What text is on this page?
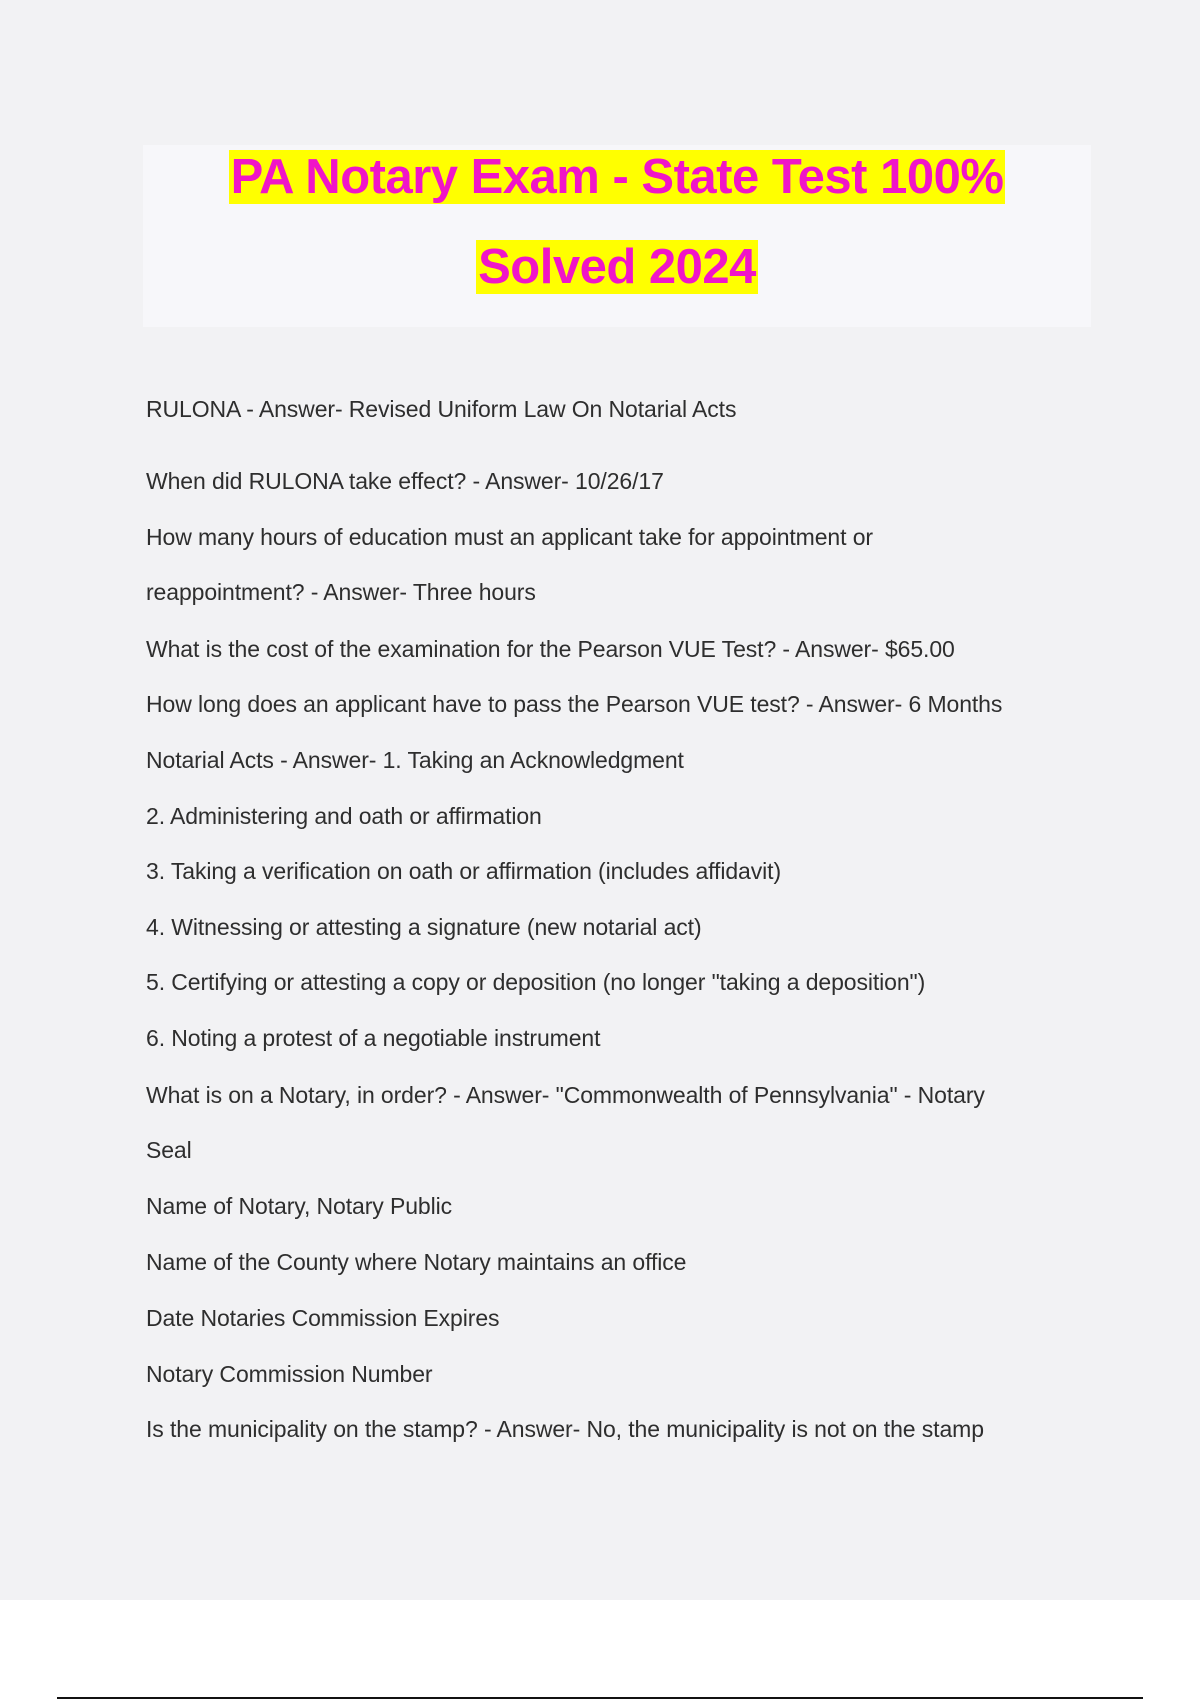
PA Notary Exam - State Test 100%
Solved 2024
RULONA - Answer- Revised Uniform Law On Notarial Acts
When did RULONA take effect? - Answer- 10/26/17
How many hours of education must an applicant take for appointment or
reappointment? - Answer- Three hours
What is the cost of the examination for the Pearson VUE Test? - Answer- $65.00
How long does an applicant have to pass the Pearson VUE test? - Answer- 6 Months
Notarial Acts - Answer- 1. Taking an Acknowledgment
2. Administering and oath or affirmation
3. Taking a verification on oath or affirmation (includes affidavit)
4. Witnessing or attesting a signature (new notarial act)
5. Certifying or attesting a copy or deposition (no longer "taking a deposition")
6. Noting a protest of a negotiable instrument
What is on a Notary, in order? - Answer- "Commonwealth of Pennsylvania" - Notary
Seal
Name of Notary, Notary Public
Name of the County where Notary maintains an office
Date Notaries Commission Expires
Notary Commission Number
Is the municipality on the stamp? - Answer- No, the municipality is not on the stamp
